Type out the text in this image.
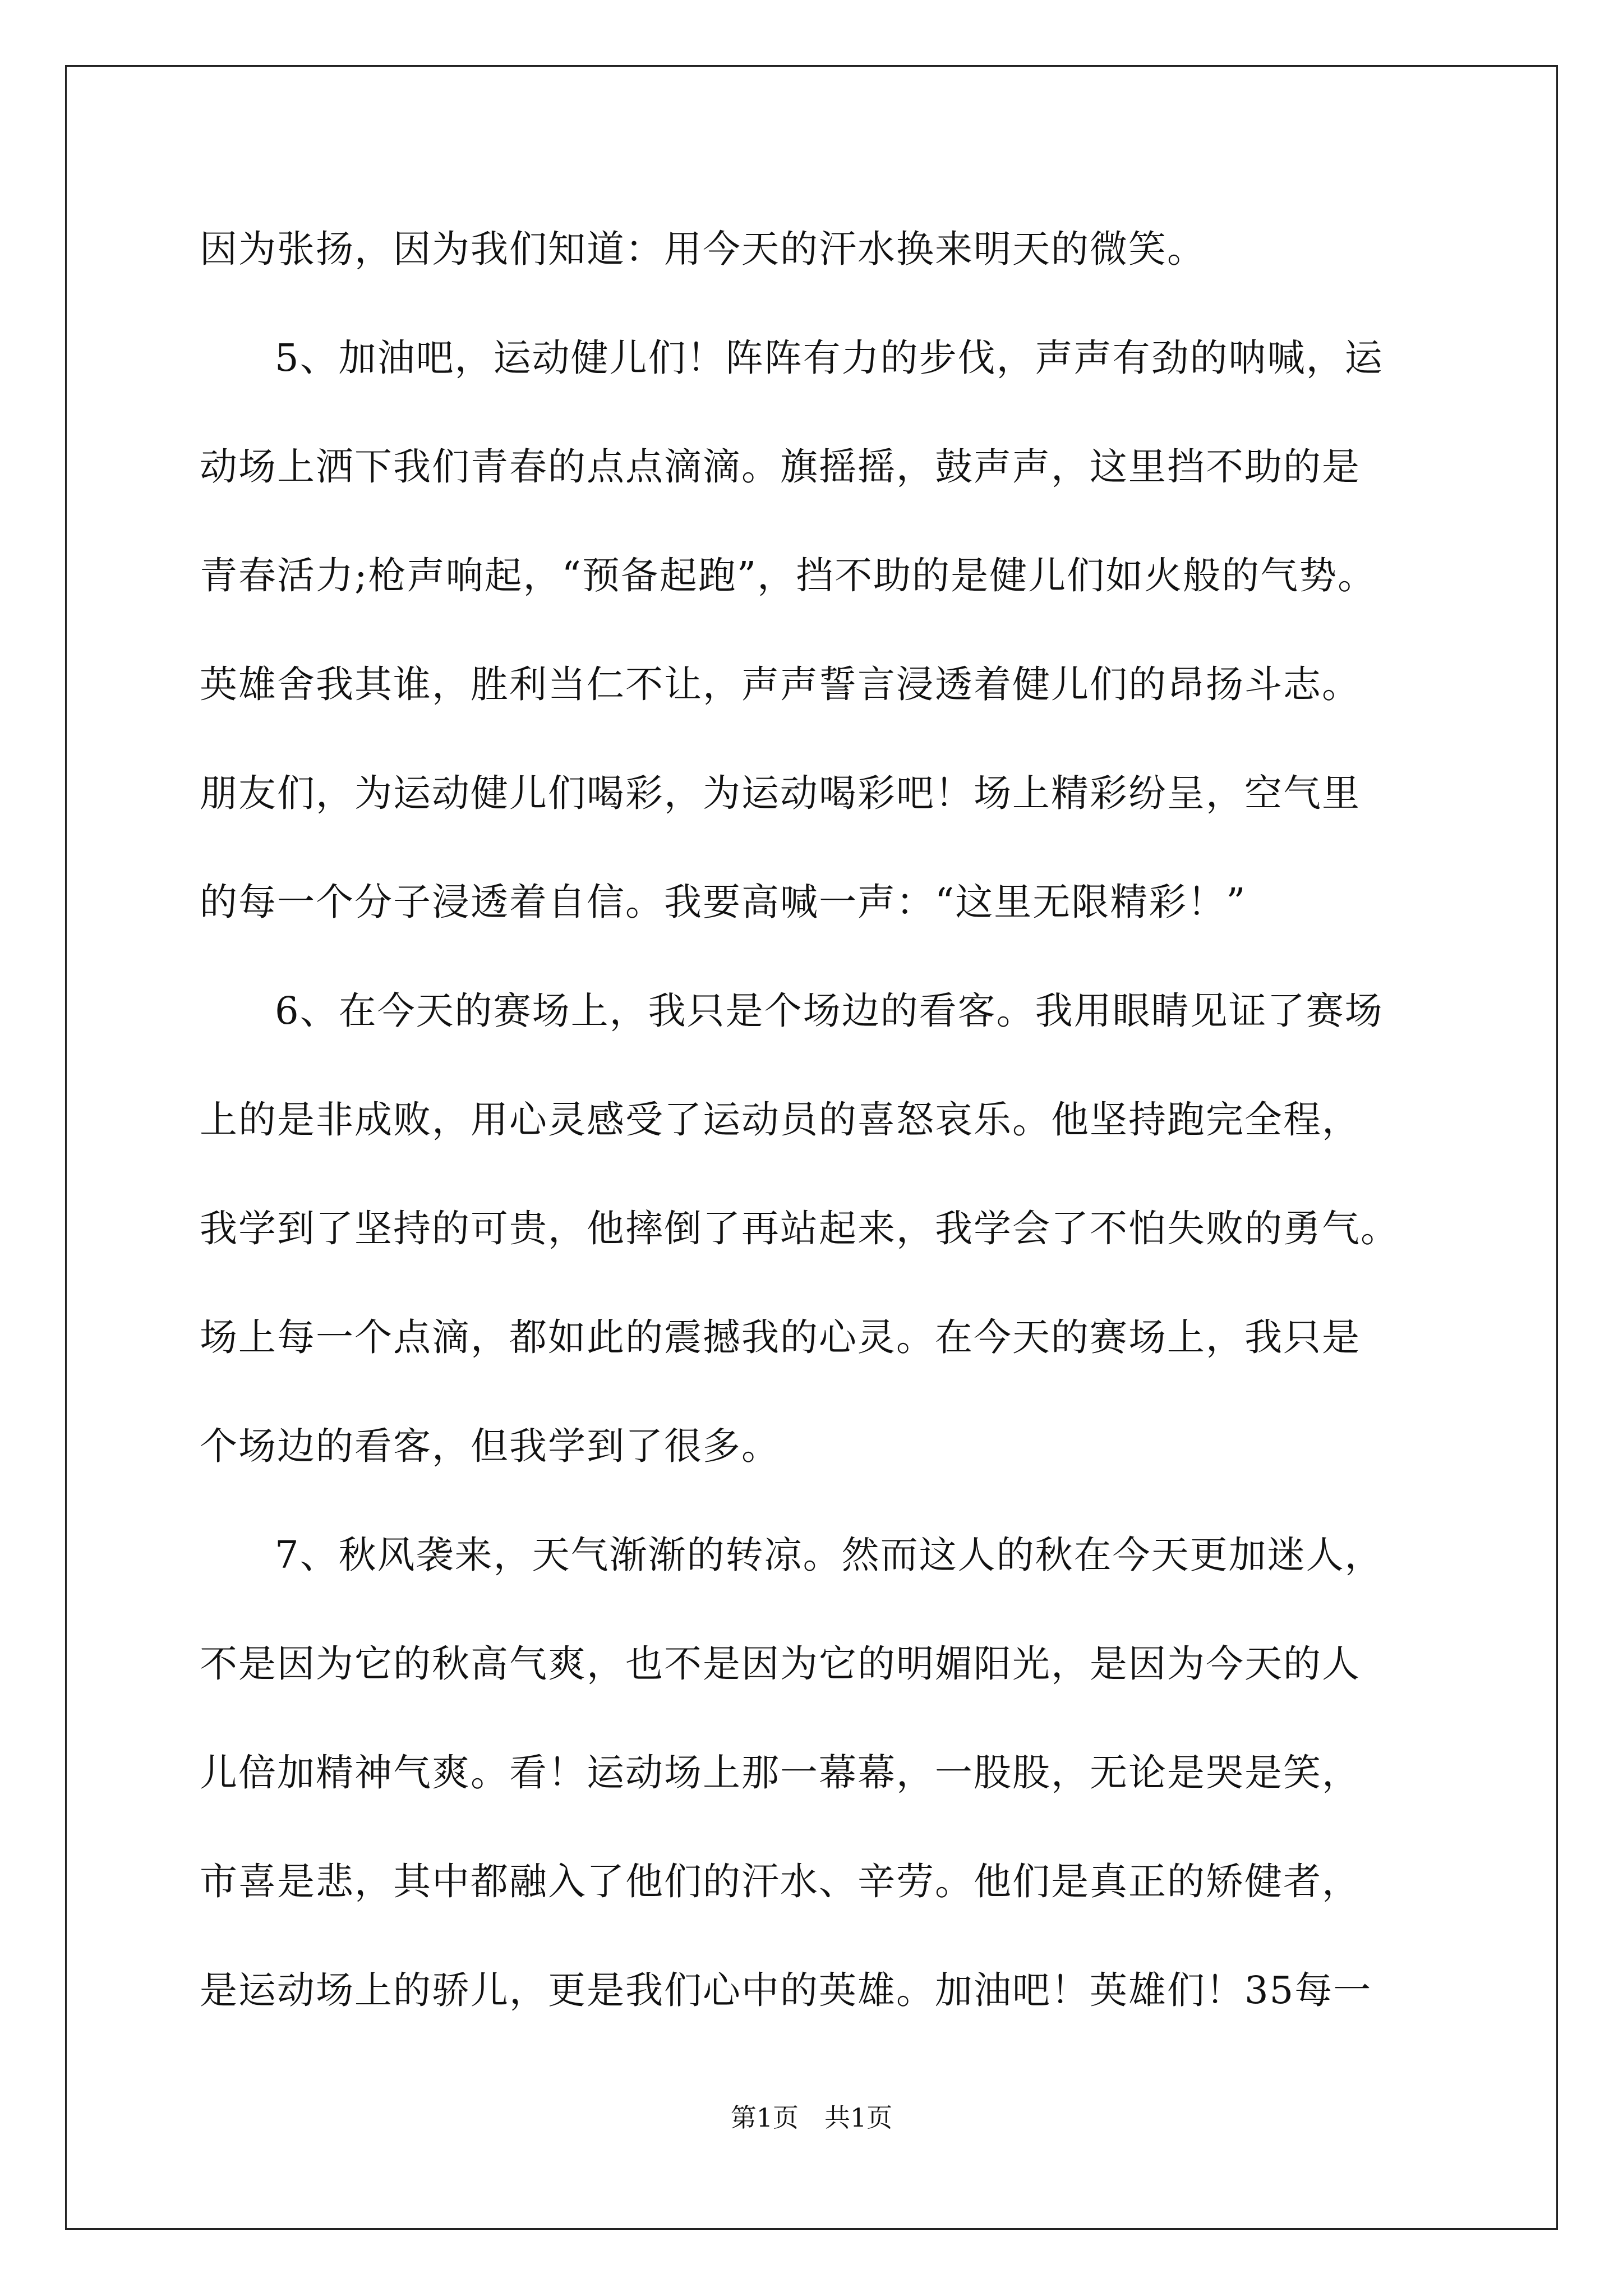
因为张扬，因为我们知道：用今天的汗水换来明天的微笑。
5、加油吧，运动健儿们！阵阵有力的步伐，声声有劲的呐喊，运
动场上洒下我们青春的点点滴滴。旗摇摇，鼓声声，这里挡不助的是
青春活力;枪声响起，“预备起跑”，挡不助的是健儿们如火般的气势。
英雄舍我其谁，胜利当仁不让，声声誓言浸透着健儿们的昂扬斗志。
朋友们，为运动健儿们喝彩，为运动喝彩吧！场上精彩纷呈，空气里
的每一个分子浸透着自信。我要高喊一声：“这里无限精彩！”
6、在今天的赛场上，我只是个场边的看客。我用眼睛见证了赛场
上的是非成败，用心灵感受了运动员的喜怒哀乐。他坚持跑完全程，
我学到了坚持的可贵，他摔倒了再站起来，我学会了不怕失败的勇气。
场上每一个点滴，都如此的震撼我的心灵。在今天的赛场上，我只是
个场边的看客，但我学到了很多。
7、秋风袭来，天气渐渐的转凉。然而这人的秋在今天更加迷人，
不是因为它的秋高气爽，也不是因为它的明媚阳光，是因为今天的人
儿倍加精神气爽。看！运动场上那一幕幕，一股股，无论是哭是笑，
市喜是悲，其中都融入了他们的汗水、辛劳。他们是真正的矫健者，
是运动场上的骄儿，更是我们心中的英雄。加油吧！英雄们！35每一
第1页　共1页
